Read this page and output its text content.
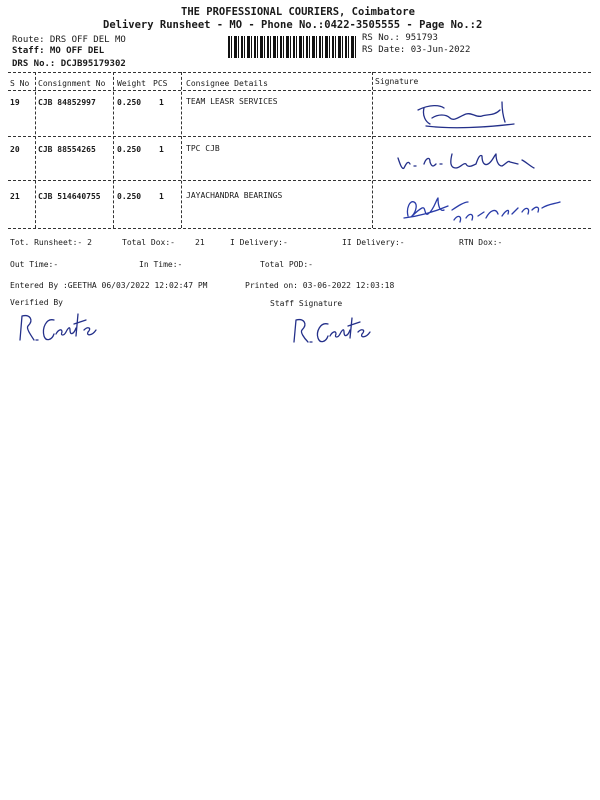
THE PROFESSIONAL COURIERS, Coimbatore
Delivery Runsheet - MO - Phone No.:0422-3505555 - Page No.:2
Route: DRS OFF DEL MO
Staff: MO OFF DEL
DRS No.: DCJB95179302
RS No.: 951793
RS Date: 03-Jun-2022
S No Consignment No Weight PCS Consignee Details	Signature
19 CJB 84852997	0.250 1	TEAM LEASR SERVICES
20 CJB 88554265	0.250 1	TPC CJB
21 CJB 514640755 0.250 1	JAYACHANDRA BEARINGS
Tot. Runsheet:- 2	Total Dox:-	21	I Delivery:-	II Delivery:-	RTN Dox:-
Out Time:-	In Time:-	Total POD:-
Entered By :GEETHA 06/03/2022 12:02:47 PM	Printed on: 03-06-2022 12:03:18
Verified By	Staff Signature
